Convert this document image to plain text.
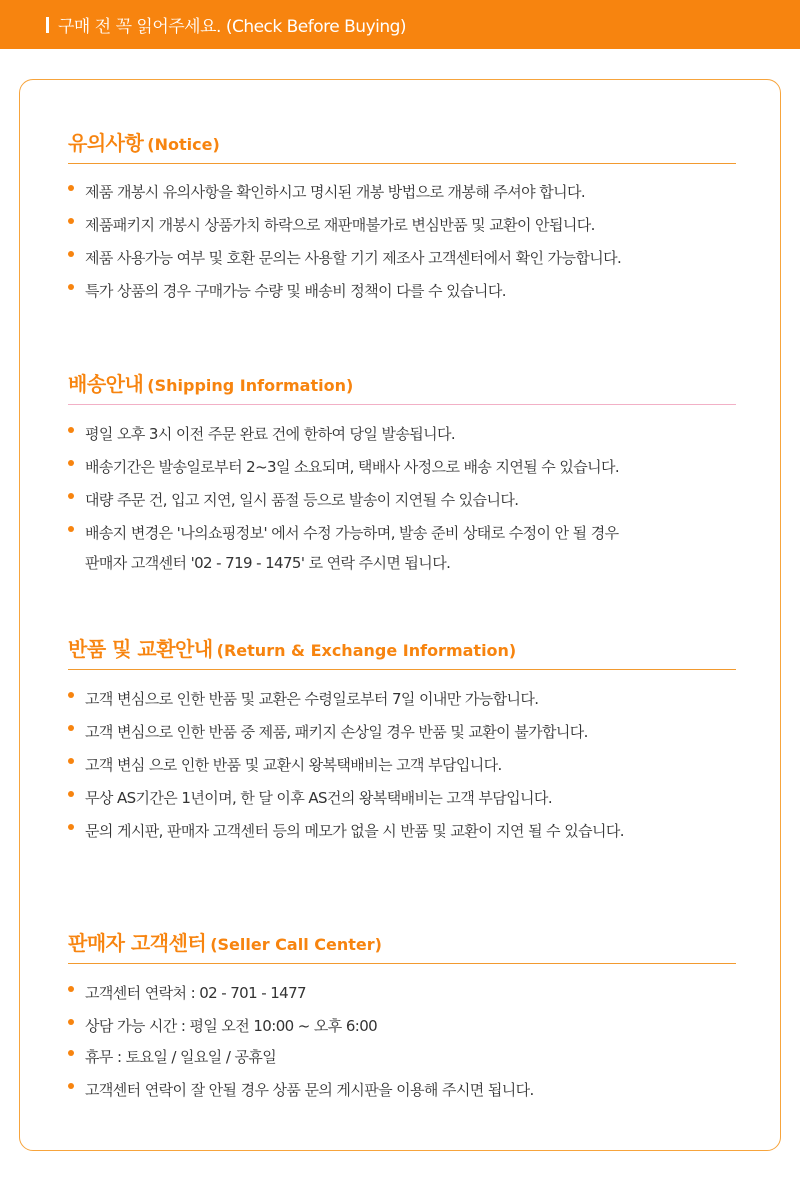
구매 전 꼭 읽어주세요. (Check Before Buying)
유의사항 (Notice)
제품 개봉시 유의사항을 확인하시고 명시된 개봉 방법으로 개봉해 주셔야 합니다.
제품패키지 개봉시 상품가치 하락으로 재판매불가로 변심반품 및 교환이 안됩니다.
제품 사용가능 여부 및 호환 문의는 사용할 기기 제조사 고객센터에서 확인 가능합니다.
특가 상품의 경우 구매가능 수량 및 배송비 정책이 다를 수 있습니다.
배송안내 (Shipping Information)
평일 오후 3시 이전 주문 완료 건에 한하여 당일 발송됩니다.
배송기간은 발송일로부터 2~3일 소요되며, 택배사 사정으로 배송 지연될 수 있습니다.
대량 주문 건, 입고 지연, 일시 품절 등으로 발송이 지연될 수 있습니다.
배송지 변경은 '나의쇼핑정보' 에서 수정 가능하며, 발송 준비 상태로 수정이 안 될 경우
판매자 고객센터 '02 - 719 - 1475' 로 연락 주시면 됩니다.
반품 및 교환안내 (Return & Exchange Information)
고객 변심으로 인한 반품 및 교환은 수령일로부터 7일 이내만 가능합니다.
고객 변심으로 인한 반품 중 제품, 패키지 손상일 경우 반품 및 교환이 불가합니다.
고객 변심 으로 인한 반품 및 교환시 왕복택배비는 고객 부담입니다.
무상 AS기간은 1년이며, 한 달 이후 AS건의 왕복택배비는 고객 부담입니다.
문의 게시판, 판매자 고객센터 등의 메모가 없을 시 반품 및 교환이 지연 될 수 있습니다.
판매자 고객센터 (Seller Call Center)
고객센터 연락처 : 02 - 701 - 1477
상담 가능 시간 : 평일 오전 10:00 ~ 오후 6:00
휴무 : 토요일 / 일요일 / 공휴일
고객센터 연락이 잘 안될 경우 상품 문의 게시판을 이용해 주시면 됩니다.
